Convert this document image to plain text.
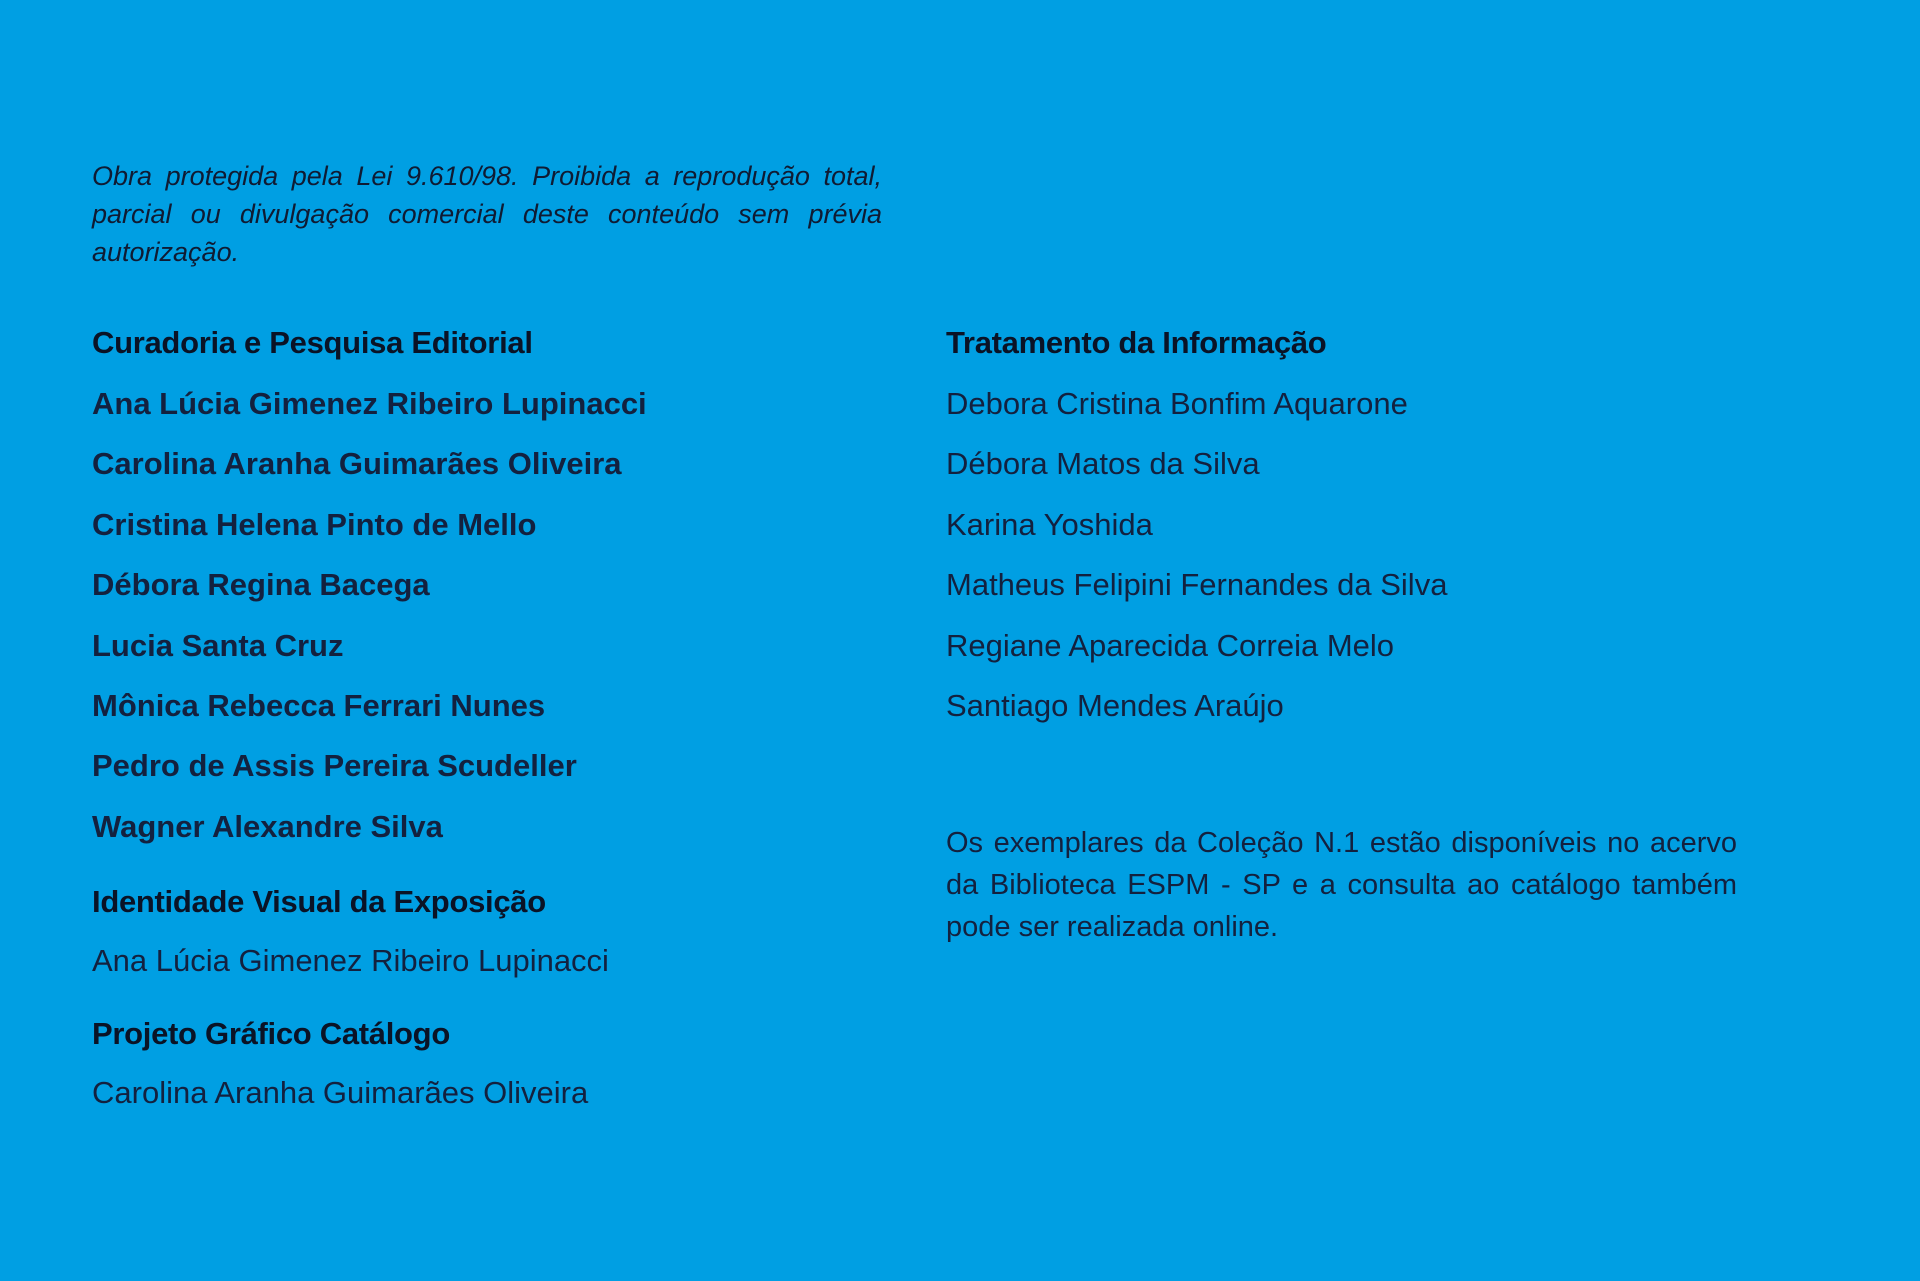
Obra protegida pela Lei 9.610/98. Proibida a reprodução total, parcial ou divulgação comercial deste conteúdo sem prévia autorização.

Curadoria e Pesquisa Editorial
Ana Lúcia Gimenez Ribeiro Lupinacci
Carolina Aranha Guimarães Oliveira
Cristina Helena Pinto de Mello
Débora Regina Bacega
Lucia Santa Cruz
Mônica Rebecca Ferrari Nunes
Pedro de Assis Pereira Scudeller
Wagner Alexandre Silva
Identidade Visual da Exposição
Ana Lúcia Gimenez Ribeiro Lupinacci
Projeto Gráfico Catálogo
Carolina Aranha Guimarães Oliveira
Tratamento da Informação
Debora Cristina Bonfim Aquarone
Débora Matos da Silva
Karina Yoshida
Matheus Felipini Fernandes da Silva
Regiane Aparecida Correia Melo
Santiago Mendes Araújo

Os exemplares da Coleção N.1 estão disponíveis no acervo da Biblioteca ESPM - SP e a consulta ao catálogo também pode ser realizada online.
